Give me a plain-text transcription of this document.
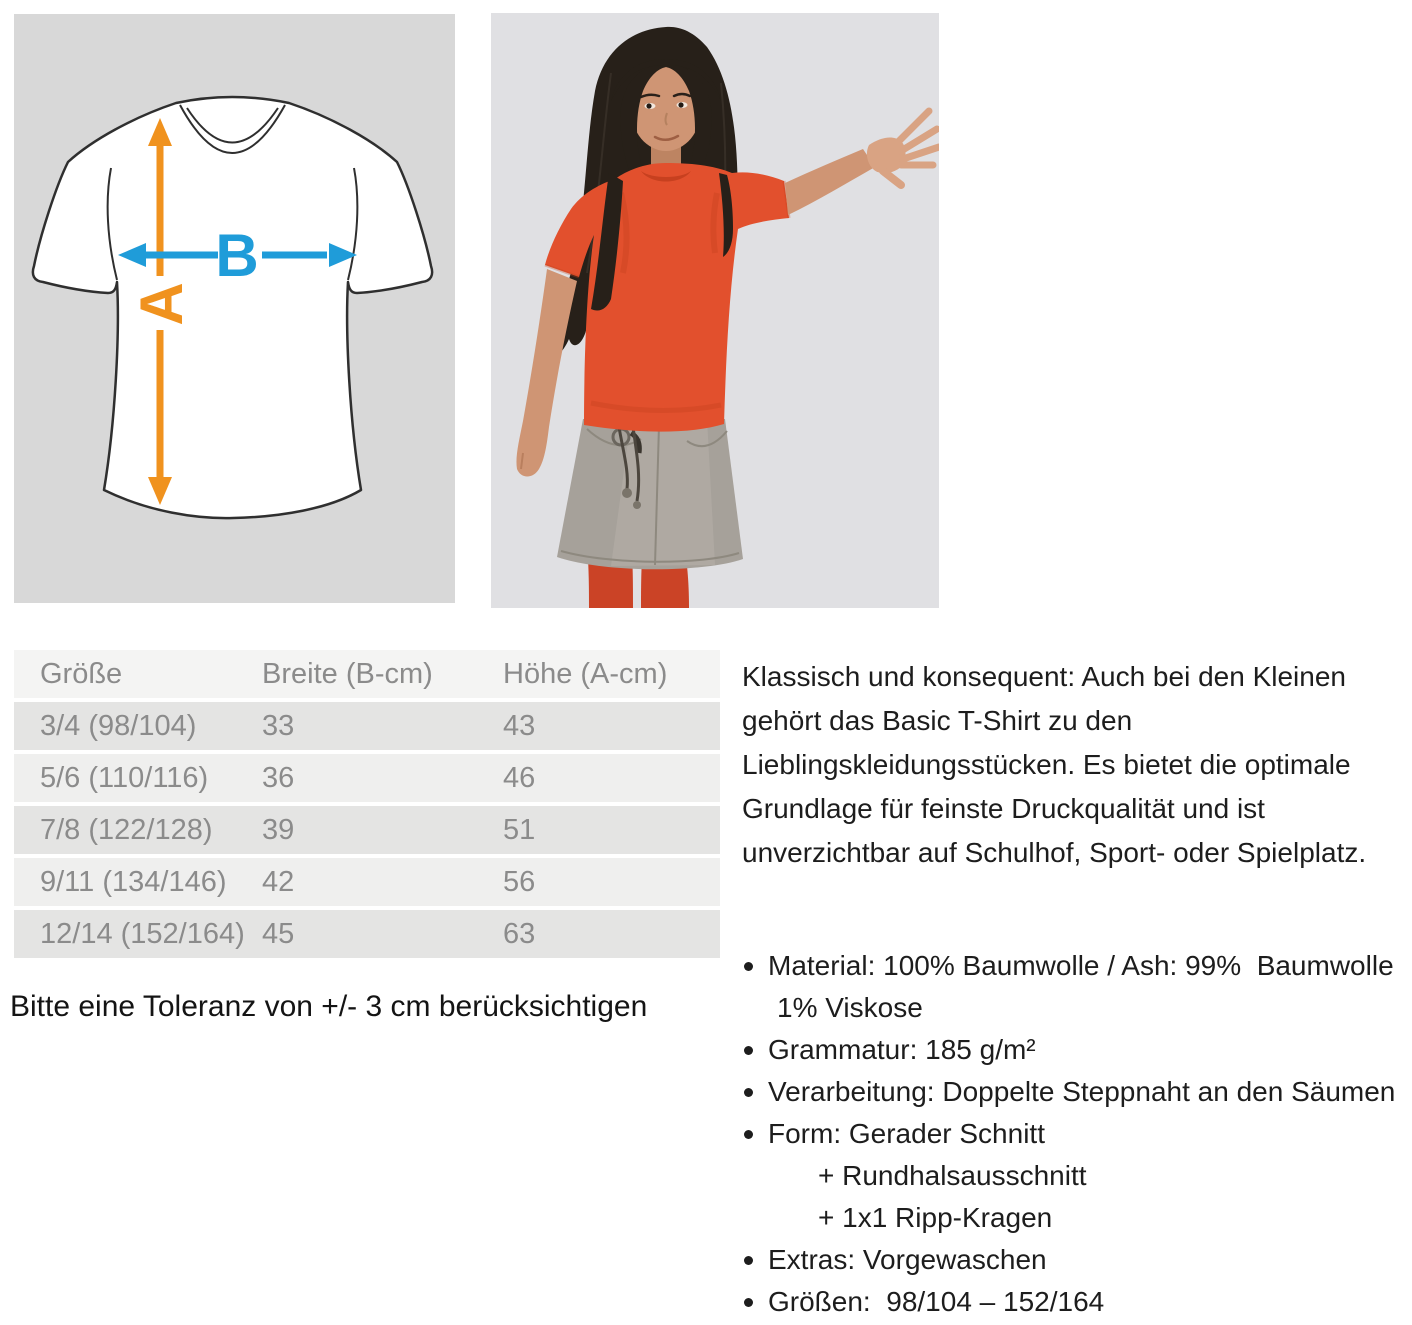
A
B
Größe	Breite (B-cm)	Höhe (A-cm)
3/4 (98/104)	33	43
5/6 (110/116)	36	46
7/8 (122/128)	39	51
9/11 (134/146)	42	56
12/14 (152/164) 45	63
Bitte eine Toleranz von +/- 3 cm berücksichtigen
Klassisch und konsequent: Auch bei den Kleinen
gehört das Basic T-Shirt zu den
Lieblingskleidungsstücken. Es bietet die optimale
Grundlage für feinste Druckqualität und ist
unverzichtbar auf Schulhof, Sport- oder Spielplatz.
Material: 100% Baumwolle / Ash: 99%  Baumwolle
1% Viskose
Grammatur: 185 g/m²
Verarbeitung: Doppelte Steppnaht an den Säumen
Form: Gerader Schnitt
+ Rundhalsausschnitt
+ 1x1 Ripp-Kragen
Extras: Vorgewaschen
Größen:  98/104 – 152/164
